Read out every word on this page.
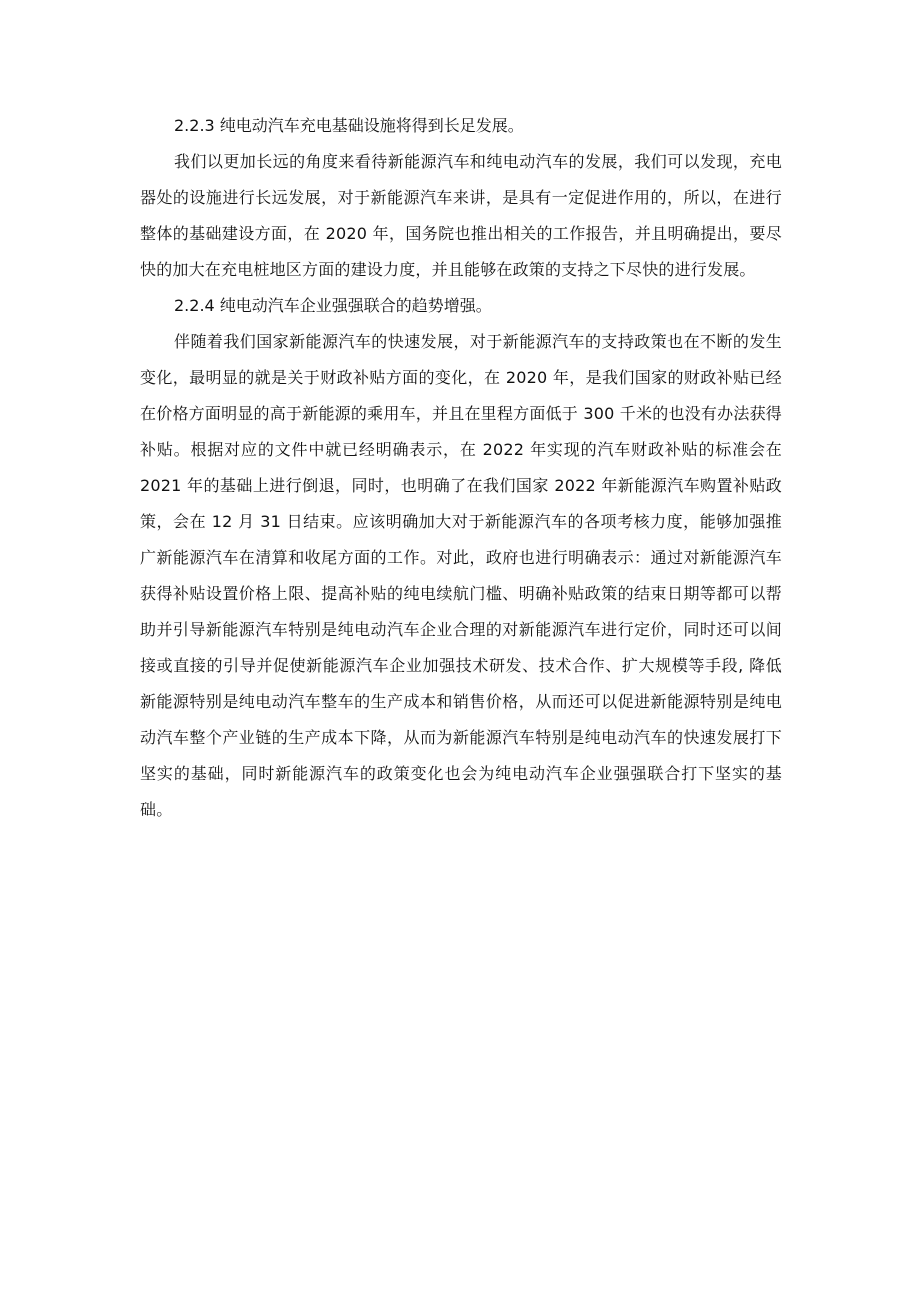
2.2.3 纯电动汽车充电基础设施将得到长足发展。

我们以更加长远的角度来看待新能源汽车和纯电动汽车的发展，我们可以发现，充电器处的设施进行长远发展，对于新能源汽车来讲，是具有一定促进作用的，所以，在进行整体的基础建设方面，在 2020 年，国务院也推出相关的工作报告，并且明确提出，要尽快的加大在充电桩地区方面的建设力度，并且能够在政策的支持之下尽快的进行发展。

2.2.4 纯电动汽车企业强强联合的趋势增强。

伴随着我们国家新能源汽车的快速发展，对于新能源汽车的支持政策也在不断的发生变化，最明显的就是关于财政补贴方面的变化，在 2020 年，是我们国家的财政补贴已经在价格方面明显的高于新能源的乘用车，并且在里程方面低于 300 千米的也没有办法获得补贴。根据对应的文件中就已经明确表示，在 2022 年实现的汽车财政补贴的标准会在 2021 年的基础上进行倒退，同时，也明确了在我们国家 2022 年新能源汽车购置补贴政策，会在 12 月 31 日结束。应该明确加大对于新能源汽车的各项考核力度，能够加强推广新能源汽车在清算和收尾方面的工作。对此，政府也进行明确表示：通过对新能源汽车获得补贴设置价格上限、提高补贴的纯电续航门槛、明确补贴政策的结束日期等都可以帮助并引导新能源汽车特别是纯电动汽车企业合理的对新能源汽车进行定价，同时还可以间接或直接的引导并促使新能源汽车企业加强技术研发、技术合作、扩大规模等手段, 降低新能源特别是纯电动汽车整车的生产成本和销售价格，从而还可以促进新能源特别是纯电动汽车整个产业链的生产成本下降，从而为新能源汽车特别是纯电动汽车的快速发展打下坚实的基础，同时新能源汽车的政策变化也会为纯电动汽车企业强强联合打下坚实的基础。
